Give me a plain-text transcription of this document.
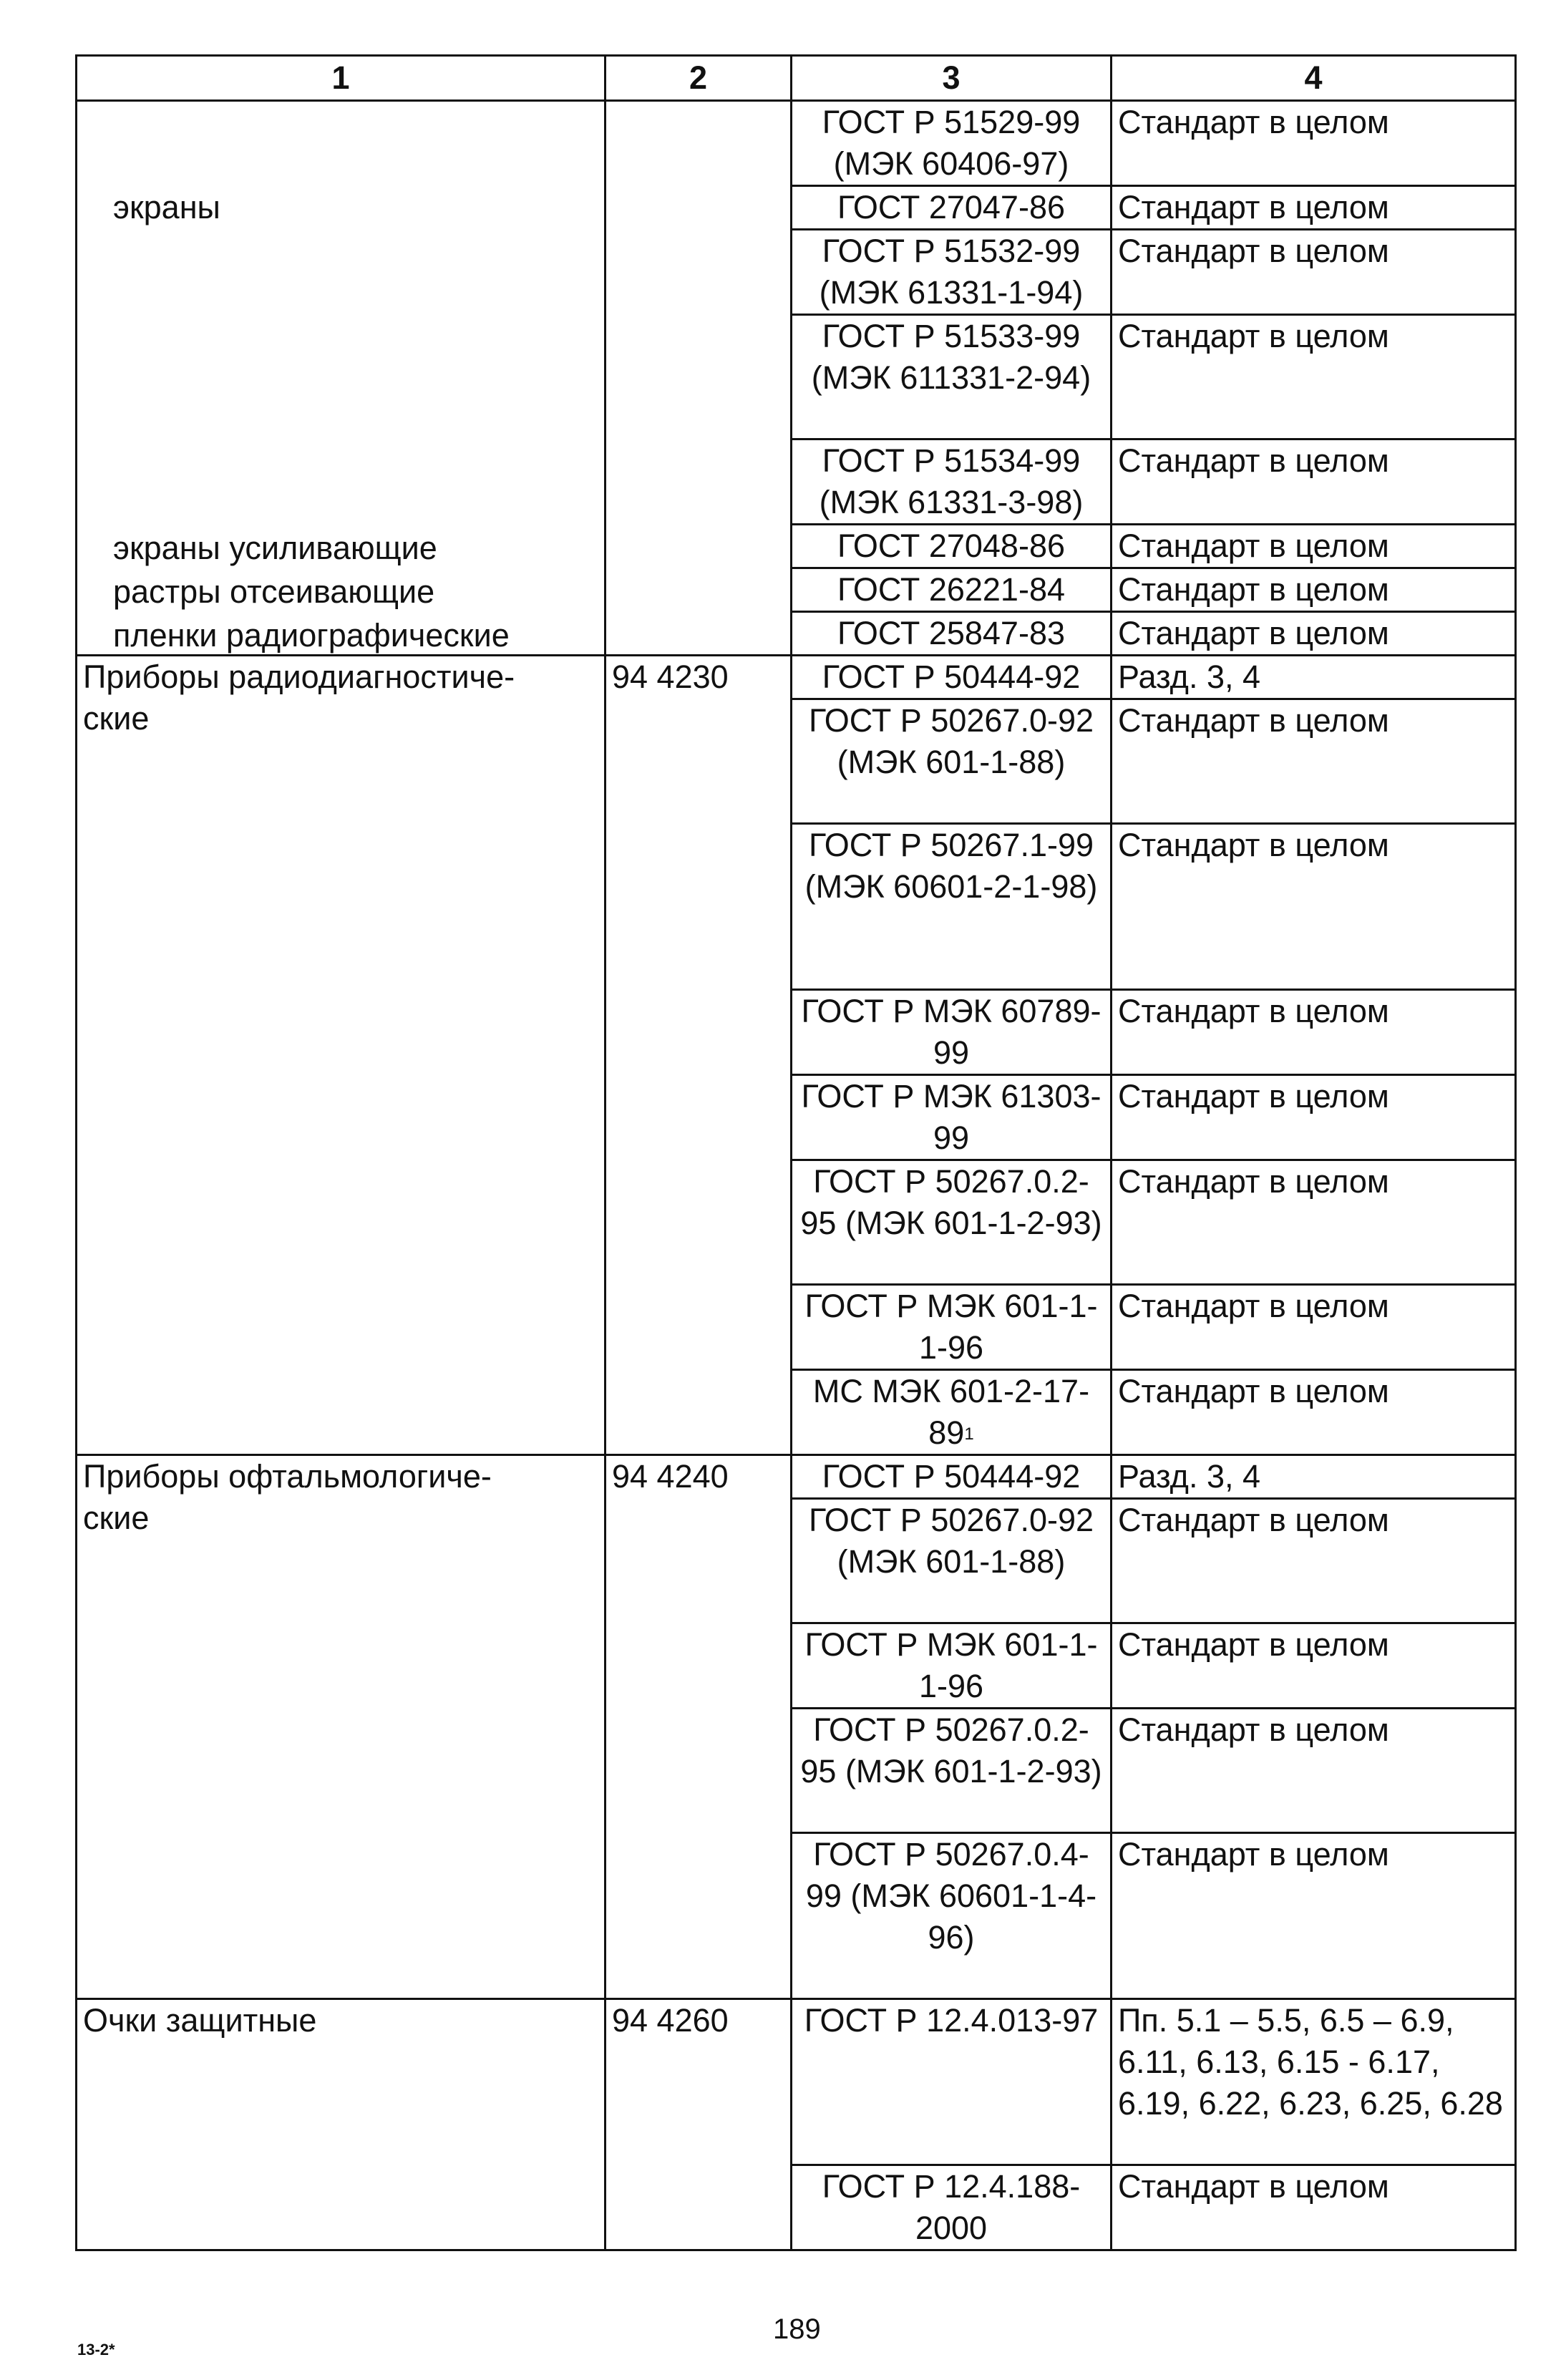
1	2	3	4

экраны
экраны усиливающие
растры отсеивающие
пленки радиографические		ГОСТ Р 51529-99 (МЭК 60406-97)	Стандарт в целом
		ГОСТ 27047-86	Стандарт в целом
		ГОСТ Р 51532-99 (МЭК 61331-1-94)	Стандарт в целом
		ГОСТ Р 51533-99 (МЭК 611331-2-94)	Стандарт в целом
		ГОСТ Р 51534-99 (МЭК 61331-3-98)	Стандарт в целом
		ГОСТ 27048-86	Стандарт в целом
		ГОСТ 26221-84	Стандарт в целом
		ГОСТ 25847-83	Стандарт в целом

Приборы радиодиагностиче-
ские	94 4230	ГОСТ Р 50444-92	Разд. 3, 4
		ГОСТ Р 50267.0-92 (МЭК 601-1-88)	Стандарт в целом
		ГОСТ Р 50267.1-99 (МЭК 60601-2-1-98)	Стандарт в целом
		ГОСТ Р МЭК 60789-99	Стандарт в целом
		ГОСТ Р МЭК 61303-99	Стандарт в целом
		ГОСТ Р 50267.0.2-95 (МЭК 601-1-2-93)	Стандарт в целом
		ГОСТ Р МЭК 601-1-1-96	Стандарт в целом
		МС МЭК $601-2-17-89^1$	Стандарт в целом

Приборы офтальмологиче-
ские	94 4240	ГОСТ Р 50444-92	Разд. 3, 4
		ГОСТ Р 50267.0-92 (МЭК 601-1-88)	Стандарт в целом
		ГОСТ Р МЭК 601-1-1-96	Стандарт в целом
		ГОСТ Р 50267.0.2-95 (МЭК 601-1-2-93)	Стандарт в целом
		ГОСТ Р 50267.0.4-99 (МЭК 60601-1-4-96)	Стандарт в целом

Очки защитные	94 4260	ГОСТ Р 12.4.013-97	Пп. 5.1 – 5.5, 6.5 – 6.9, 6.11, 6.13, 6.15 - 6.17, 6.19, 6.22, 6.23, 6.25, 6.28
		ГОСТ Р 12.4.188-2000	Стандарт в целом
189
13-2*
